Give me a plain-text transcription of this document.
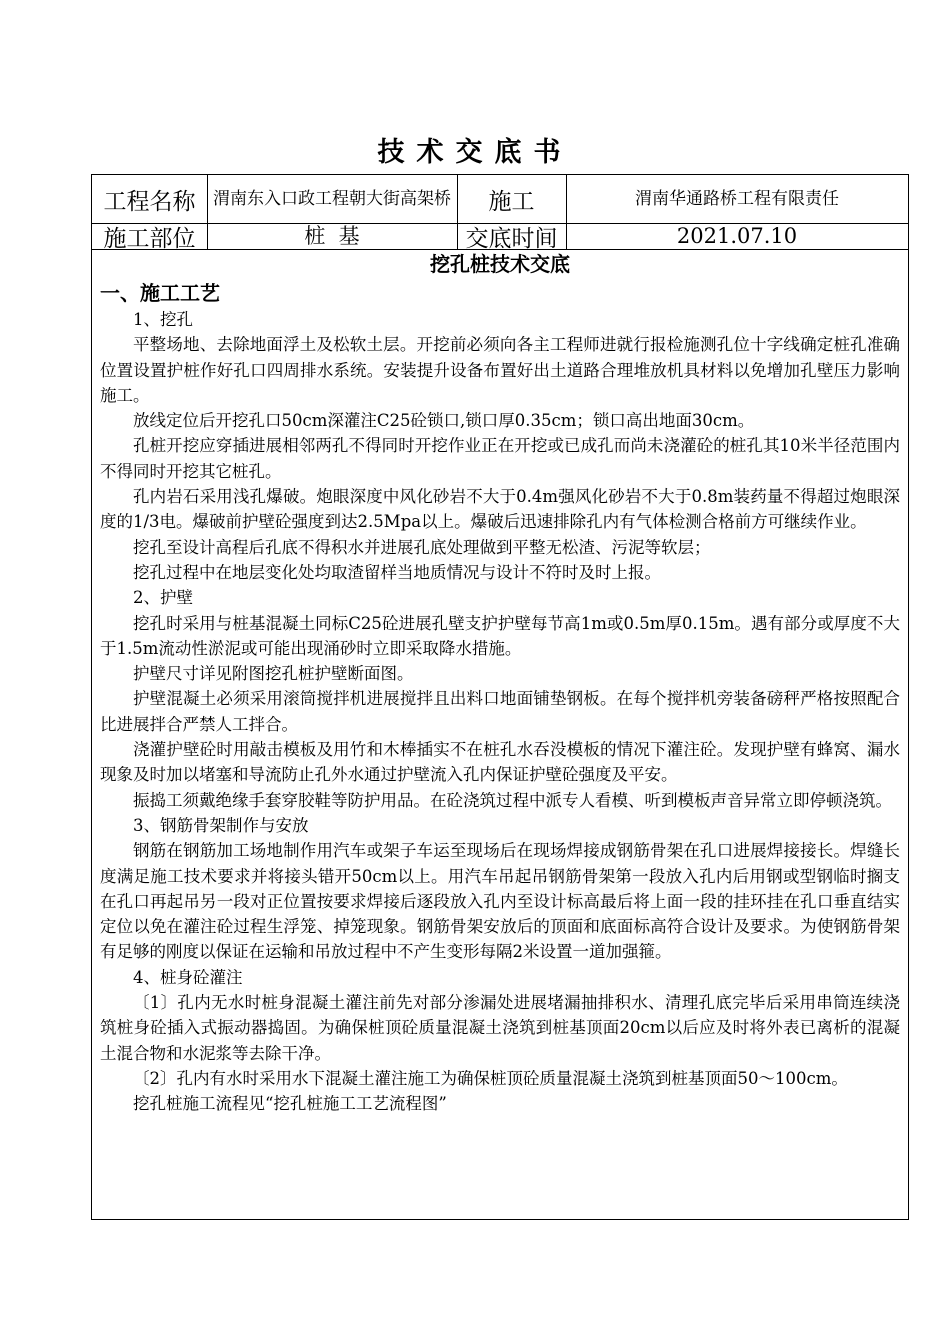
技术交底书
工程名称	渭南东入口政工程朝大街高架桥	施工	渭南华通路桥工程有限责任
施工部位	桩  基	交底时间	2021.07.10
挖孔桩技术交底
一、施工工艺

1、挖孔

平整场地、去除地面浮土及松软土层。开挖前必须向各主工程师进就行报检施测孔位十字线确定桩孔准确位置设置护桩作好孔口四周排水系统。安装提升设备布置好出土道路合理堆放机具材料以免增加孔壁压力影响施工。

放线定位后开挖孔口50cm深灌注C25砼锁口,锁口厚0.35cm；锁口高出地面30cm。

孔桩开挖应穿插进展相邻两孔不得同时开挖作业正在开挖或已成孔而尚未浇灌砼的桩孔其10米半径范围内不得同时开挖其它桩孔。

孔内岩石采用浅孔爆破。炮眼深度中风化砂岩不大于0.4m强风化砂岩不大于0.8m装药量不得超过炮眼深度的1/3电。爆破前护壁砼强度到达2.5Mpa以上。爆破后迅速排除孔内有气体检测合格前方可继续作业。

挖孔至设计高程后孔底不得积水并进展孔底处理做到平整无松渣、污泥等软层；

挖孔过程中在地层变化处均取渣留样当地质情况与设计不符时及时上报。

2、护壁

挖孔时采用与桩基混凝土同标C25砼进展孔壁支护护壁每节高1m或0.5m厚0.15m。遇有部分或厚度不大于1.5m流动性淤泥或可能出现涌砂时立即采取降水措施。

护壁尺寸详见附图挖孔桩护壁断面图。

护壁混凝土必须采用滚筒搅拌机进展搅拌且出料口地面铺垫钢板。在每个搅拌机旁装备磅秤严格按照配合比进展拌合严禁人工拌合。

浇灌护壁砼时用敲击模板及用竹和木棒插实不在桩孔水吞没模板的情况下灌注砼。发现护壁有蜂窝、漏水现象及时加以堵塞和导流防止孔外水通过护壁流入孔内保证护壁砼强度及平安。

振捣工须戴绝缘手套穿胶鞋等防护用品。在砼浇筑过程中派专人看模、听到模板声音异常立即停顿浇筑。

3、钢筋骨架制作与安放

钢筋在钢筋加工场地制作用汽车或架子车运至现场后在现场焊接成钢筋骨架在孔口进展焊接接长。焊缝长度满足施工技术要求并将接头错开50cm以上。用汽车吊起吊钢筋骨架第一段放入孔内后用钢或型钢临时搁支在孔口再起吊另一段对正位置按要求焊接后逐段放入孔内至设计标高最后将上面一段的挂环挂在孔口垂直结实定位以免在灌注砼过程生浮笼、掉笼现象。钢筋骨架安放后的顶面和底面标高符合设计及要求。为使钢筋骨架有足够的刚度以保证在运输和吊放过程中不产生变形每隔2米设置一道加强箍。

4、桩身砼灌注

〔1〕孔内无水时桩身混凝土灌注前先对部分渗漏处进展堵漏抽排积水、清理孔底完毕后采用串筒连续浇筑桩身砼插入式振动器捣固。为确保桩顶砼质量混凝土浇筑到桩基顶面20cm以后应及时将外表已离析的混凝土混合物和水泥浆等去除干净。

〔2〕孔内有水时采用水下混凝土灌注施工为确保桩顶砼质量混凝土浇筑到桩基顶面50～100cm。

挖孔桩施工流程见“挖孔桩施工工艺流程图”
